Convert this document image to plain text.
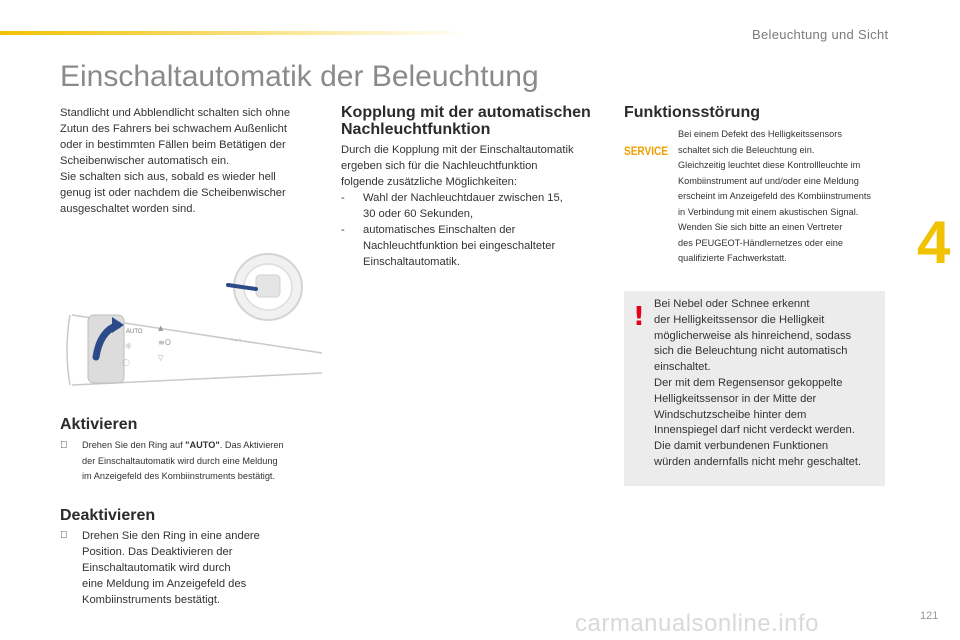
Beleuchtung und Sicht
Einschaltautomatik der Beleuchtung

Standlicht und Abblendlicht schalten sich ohne

Zutun des Fahrers bei schwachem Außenlicht

oder in bestimmten Fällen beim Betätigen der

Scheibenwischer automatisch ein.

Sie schalten sich aus, sobald es wieder hell

genug ist oder nachdem die Scheibenwischer

ausgeschaltet worden sind.

AUTO
☼
◌
▲
≡O
▽
◦-◦
Aktivieren
Drehen Sie den Ring auf "AUTO". Das Aktivieren
der Einschaltautomatik wird durch eine Meldung
im Anzeigefeld des Kombiinstruments bestätigt.
Deaktivieren
Drehen Sie den Ring in eine andere
Position. Das Deaktivieren der
Einschaltautomatik wird durch
eine Meldung im Anzeigefeld des
Kombiinstruments bestätigt.
Kopplung mit der automatischen
Nachleuchtfunktion

Durch die Kopplung mit der Einschaltautomatik

ergeben sich für die Nachleuchtfunktion

folgende zusätzliche Möglichkeiten:

- Wahl der Nachleuchtdauer zwischen 15,
30 oder 60 Sekunden,
- automatisches Einschalten der
Nachleuchtfunktion bei eingeschalteter
Einschaltautomatik.
Funktionsstörung
SERVICE
Bei einem Defekt des Helligkeitssensors
schaltet sich die Beleuchtung ein.
Gleichzeitig leuchtet diese Kontrollleuchte im
Kombiinstrument auf und/oder eine Meldung
erscheint im Anzeigefeld des Kombiinstruments
in Verbindung mit einem akustischen Signal.
Wenden Sie sich bitte an einen Vertreter
des PEUGEOT-Händlernetzes oder eine
qualifizierte Fachwerkstatt.
! Bei Nebel oder Schnee erkennt
der Helligkeitssensor die Helligkeit
möglicherweise als hinreichend, sodass
sich die Beleuchtung nicht automatisch
einschaltet.
Der mit dem Regensensor gekoppelte
Helligkeitssensor in der Mitte der
Windschutzscheibe hinter dem
Innenspiegel darf nicht verdeckt werden.
Die damit verbundenen Funktionen
würden andernfalls nicht mehr geschaltet.
4
carmanualsonline.info	121
